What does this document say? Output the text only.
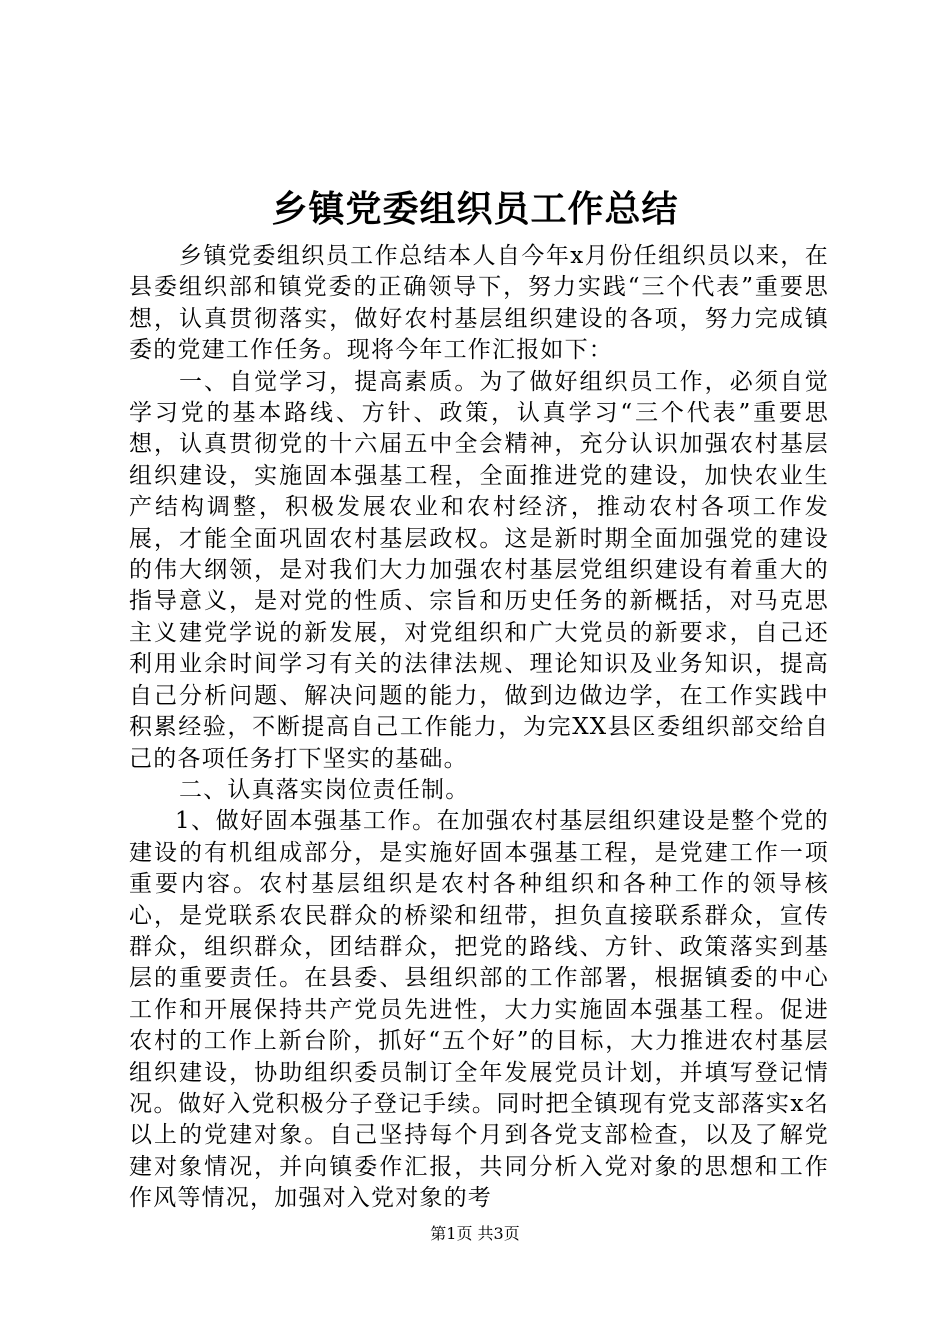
乡镇党委组织员工作总结

乡镇党委组织员工作总结本人自今年x月份任组织员以来，在县委组织部和镇党委的正确领导下，努力实践“三个代表”重要思想，认真贯彻落实，做好农村基层组织建设的各项，努力完成镇委的党建工作任务。现将今年工作汇报如下：

一、自觉学习，提高素质。为了做好组织员工作，必须自觉学习党的基本路线、方针、政策，认真学习“三个代表”重要思想，认真贯彻党的十六届五中全会精神，充分认识加强农村基层组织建设，实施固本强基工程，全面推进党的建设，加快农业生产结构调整，积极发展农业和农村经济，推动农村各项工作发展，才能全面巩固农村基层政权。这是新时期全面加强党的建设的伟大纲领，是对我们大力加强农村基层党组织建设有着重大的指导意义，是对党的性质、宗旨和历史任务的新概括，对马克思主义建党学说的新发展，对党组织和广大党员的新要求，自己还利用业余时间学习有关的法律法规、理论知识及业务知识，提高自己分析问题、解决问题的能力，做到边做边学，在工作实践中积累经验，不断提高自己工作能力，为完XX县区委组织部交给自己的各项任务打下坚实的基础。

二、认真落实岗位责任制。

1、做好固本强基工作。在加强农村基层组织建设是整个党的建设的有机组成部分，是实施好固本强基工程，是党建工作一项重要内容。农村基层组织是农村各种组织和各种工作的领导核心，是党联系农民群众的桥梁和纽带，担负直接联系群众，宣传群众，组织群众，团结群众，把党的路线、方针、政策落实到基层的重要责任。在县委、县组织部的工作部署，根据镇委的中心工作和开展保持共产党员先进性，大力实施固本强基工程。促进农村的工作上新台阶，抓好“五个好”的目标，大力推进农村基层组织建设，协助组织委员制订全年发展党员计划，并填写登记情况。做好入党积极分子登记手续。同时把全镇现有党支部落实x名以上的党建对象。自己坚持每个月到各党支部检查，以及了解党建对象情况，并向镇委作汇报，共同分析入党对象的思想和工作作风等情况，加强对入党对象的考

第1页 共3页
